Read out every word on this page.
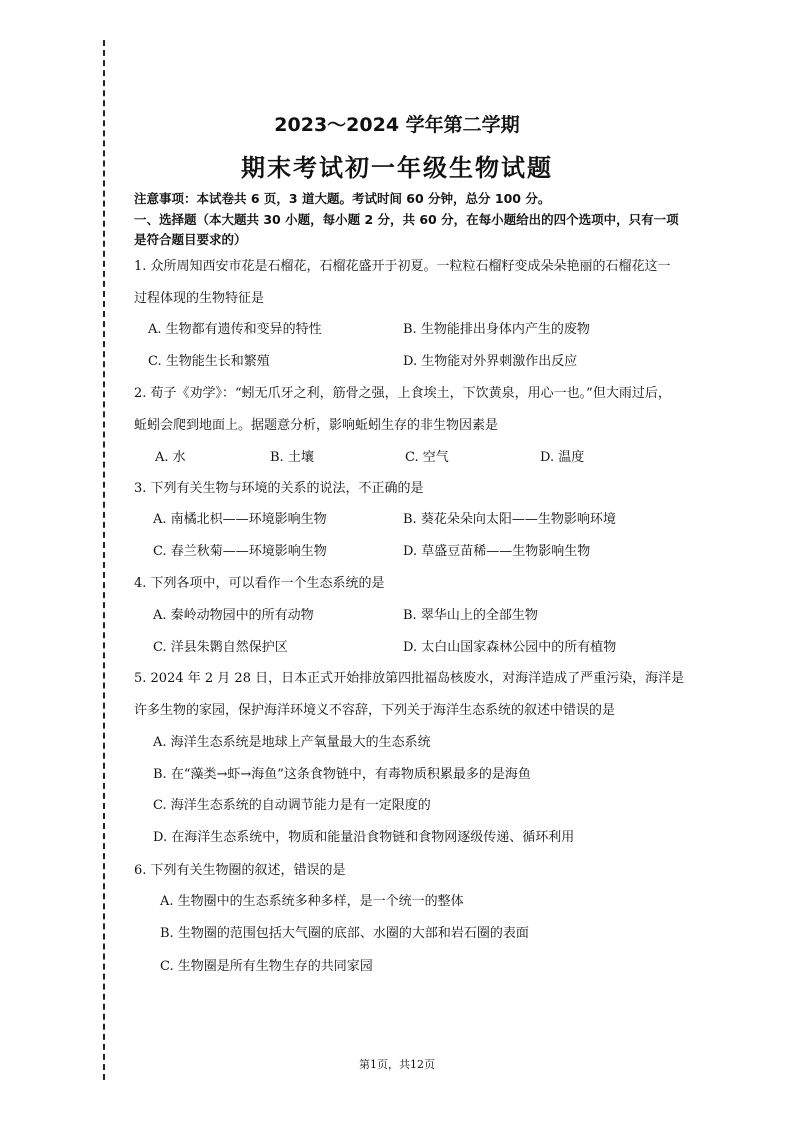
2023～2024 学年第二学期
期末考试初一年级生物试题
注意事项：本试卷共 6 页，3 道大题。考试时间 60 分钟，总分 100 分。
一、选择题（本大题共 30 小题，每小题 2 分，共 60 分，在每小题给出的四个选项中，只有一项
是符合题目要求的）
1. 众所周知西安市花是石榴花，石榴花盛开于初夏。一粒粒石榴籽变成朵朵艳丽的石榴花这一
过程体现的生物特征是
A. 生物都有遗传和变异的特性	B. 生物能排出身体内产生的废物
C. 生物能生长和繁殖	D. 生物能对外界刺激作出反应
2. 荀子《劝学》：“蚓无爪牙之利，筋骨之强，上食埃土，下饮黄泉，用心一也。”但大雨过后，
蚯蚓会爬到地面上。据题意分析，影响蚯蚓生存的非生物因素是
A. 水	B. 土壤	C. 空气	D. 温度
3. 下列有关生物与环境的关系的说法，不正确的是
A. 南橘北枳——环境影响生物	B. 葵花朵朵向太阳——生物影响环境
C. 春兰秋菊——环境影响生物	D. 草盛豆苗稀——生物影响生物
4. 下列各项中，可以看作一个生态系统的是
A. 秦岭动物园中的所有动物	B. 翠华山上的全部生物
C. 洋县朱鹮自然保护区	D. 太白山国家森林公园中的所有植物
5. 2024 年 2 月 28 日，日本正式开始排放第四批福岛核废水，对海洋造成了严重污染，海洋是
许多生物的家园，保护海洋环境义不容辞，下列关于海洋生态系统的叙述中错误的是
A. 海洋生态系统是地球上产氧量最大的生态系统
B. 在“藻类→虾→海鱼”这条食物链中，有毒物质积累最多的是海鱼
C. 海洋生态系统的自动调节能力是有一定限度的
D. 在海洋生态系统中，物质和能量沿食物链和食物网逐级传递、循环利用
6. 下列有关生物圈的叙述，错误的是
A. 生物圈中的生态系统多种多样，是一个统一的整体
B. 生物圈的范围包括大气圈的底部、水圈的大部和岩石圈的表面
C. 生物圈是所有生物生存的共同家园
第1页，共12页
